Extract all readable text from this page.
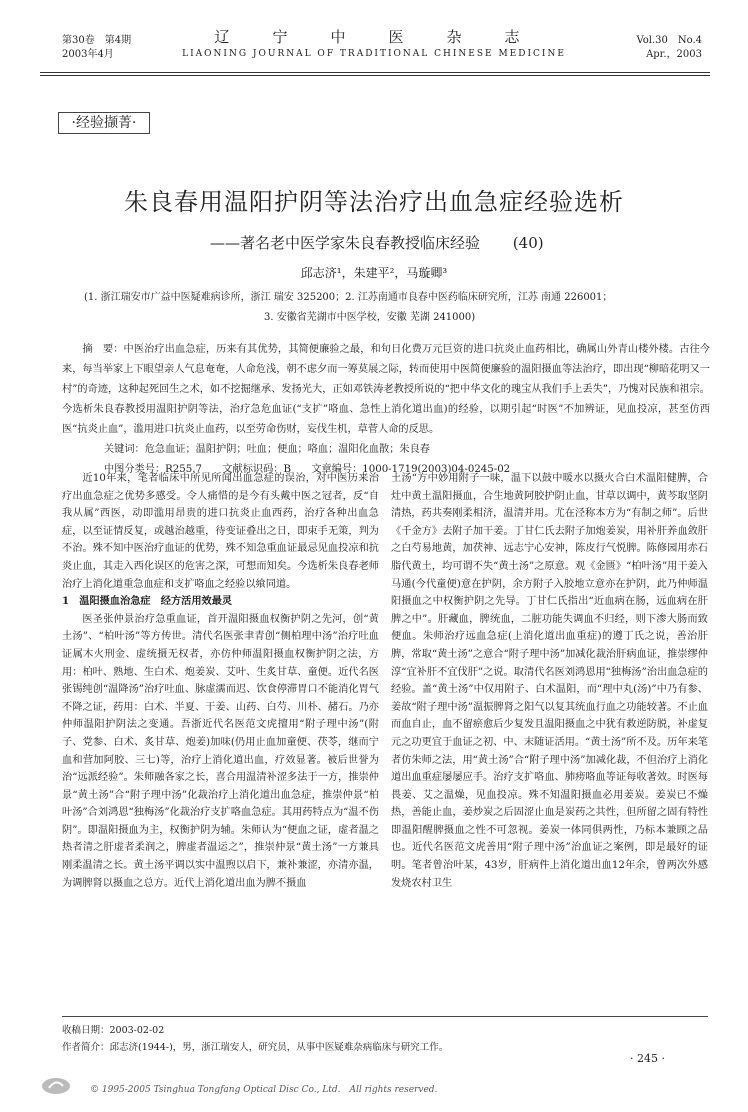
第30卷　第4期
2003年4月
辽　宁　中　医　杂　志
LIAONING JOURNAL OF TRADITIONAL CHINESE MEDICINE
Vol.30　No.4
Apr.，2003
·经验撷菁·
朱良春用温阳护阴等法治疗出血急症经验选析
——著名老中医学家朱良春教授临床经验 (40)
邱志济¹，朱建平²，马璇卿³
(1. 浙江瑞安市广益中医疑难病诊所，浙江 瑞安 325200；2. 江苏南通市良春中医药临床研究所，江苏 南通 226001；
3. 安徽省芜湖市中医学校，安徽 芜湖 241000)

摘　要：中医治疗出血急症，历来有其优势，其简便廉验之最，和旬日化费万元巨资的进口抗炎止血药相比，确属山外青山楼外楼。古往今来，每当举家上下眼望亲人气息奄奄，人命危浅，朝不虑夕而一筹莫展之际，转而使用中医简便廉验的温阳摄血等法治疗，即出现“柳暗花明又一村”的奇迹，这种起死回生之术，如不挖掘继承、发扬光大，正如邓铁涛老教授所说的“把中华文化的瑰宝从我们手上丢失”，乃愧对民族和祖宗。今选析朱良春教授用温阳护阴等法，治疗急危血证(“支扩”咯血、急性上消化道出血)的经验，以期引起“时医”不加辨证，见血投凉，甚至仿西医“抗炎止血”，滥用进口抗炎止血药，以至劳命伤财，妄伐生机，草菅人命的反思。

关键词：危急血证；温阳护阴；吐血；便血；咯血；温阳化血散；朱良春

中图分类号：R255.7　　文献标识码：B　　文章编号：1000-1719(2003)04-0245-02

近10年来，笔者临床中所见所闻出血急症的误治，对中医历来治疗出血急症之优势多感受。令人痛惜的是今有头戴中医之冠者，反“自我从属”西医，动即滥用昂贵的进口抗炎止血西药，治疗各种出血急症，以至证情反复，或越治越重，待变证叠出之日，即束手无策，判为不治。殊不知中医治疗血证的优势，殊不知急重血证最忌见血投凉和抗炎止血，其走入西化误区的危害之深，可想而知矣。今选析朱良春老师治疗上消化道重急血症和支扩咯血之经验以飨同道。

1　温阳摄血治急症　经方活用效最灵

医圣张仲景治疗急重血证，首开温阳摄血权衡护阴之先河，创“黄土汤”、“柏叶汤”等方传世。清代名医张聿青创“侧柏理中汤”治疗吐血证属木火刑金、虚统摄无权者，亦仿仲师温阳摄血权衡护阴之法，方用：柏叶、熟地、生白术、炮姜炭、艾叶、生炙甘草、童便。近代名医张锡纯创“温降汤”治疗吐血、脉虚濡而迟、饮食停滞胃口不能消化胃气不降之证，药用：白术、半夏、干姜、山药、白芍、川朴、赭石。乃亦仲师温阳护阴法之变通。吾浙近代名医范文虎擅用“附子理中汤”(附子、党参、白术、炙甘草、炮姜)加味(仍用止血加童便、茯苓，继而宁血和营加阿胶、三七)等，治疗上消化道出血，疗效显著。被后世誉为治“远派经验”。朱师融各家之长，喜合用温清补涩多法于一方，推崇仲景“黄土汤”合“附子理中汤”化裁治疗上消化道出血急症，推崇仲景“柏叶汤”合刘鸿恩“独梅汤”化裁治疗支扩咯血急症。其用药特点为“温不伤阴”。即温阳摄血为主，权衡护阴为辅。朱师认为“便血之证，虚者温之热者清之肝虚者柔润之，脾虚者温运之”，推崇仲景“黄土汤”一方兼具刚柔温清之长。黄土汤平调以实中温煦以启下，兼补兼涩，亦清亦温，为调脾肾以摄血之总方。近代上消化道出血为脾不摄血

土汤“方中妙用附子一味，温下以鼓中暖水以摄火合白术温阳健脾，合灶中黄土温阳摄血，合生地黄阿胶护阴止血，甘草以调中，黄芩取坚阴清热，药共奏刚柔相济，温清并用。尤在泾称本方为“有制之师”。后世《千金方》去附子加干姜。丁甘仁氏去附子加炮姜炭，用补肝养血敛肝之白芍易地黄，加茯神、远志宁心安神，陈皮行气悦脾。陈修园用赤石脂代黄土，均可谓不失“黄土汤”之原意。观《金匮》“柏叶汤”用干姜入马通(今代童便)意在护阴，余方附子入胶地立意亦在护阴，此乃仲师温阳摄血之中权衡护阴之先导。丁甘仁氏指出“近血病在肠，远血病在肝脾之中”。肝藏血，脾统血，二脏功能失调血不归经，则下渗大肠而致便血。朱师治疗远血急症(上消化道出血重症)的遵丁氏之说，善治肝脾，常取“黄土汤”之意合“附子理中汤”加减化裁治肝病血证，推崇缪仲淳“宜补肝不宜伐肝”之说。取清代名医刘鸿恩用“独梅汤”治出血急症的经验。盖“黄土汤”中仅用附子、白术温阳，而“理中丸(汤)”中乃有参、姜故“附子理中汤”温振脾肾之阳气以复其统血行血之功能较著。不止血而血自止，血不留瘀愈后少复发且温阳摄血之中犹有救逆防脱，补虚复元之功更宜于血证之初、中、末随证活用。“黄土汤”所不及。历年来笔者仿朱师之法，用“黄土汤”合“附子理中汤”加减化裁，不但治疗上消化道出血重症屡屡应手。治疗支扩咯血、肺痨咯血等证每收著效。时医每畏姜、艾之温燥，见血投凉。殊不知温阳摄血必用姜炭。姜炭已不燥热，善能止血，姜炒炭之后固涩止血是炭药之共性，但所留之固有特性即温阳醒脾摄血之性不可忽视。姜炭一体同俱两性，乃标本兼顾之品也。近代名医范文虎善用“附子理中汤”治血证之案例，即是最好的证明。笔者曾治叶某，43岁，肝病件上消化道出血12年余，曾两次外感发烧农村卫生

收稿日期：2003-02-02
作者简介：邱志济(1944-)，男，浙江瑞安人，研究员，从事中医疑难杂病临床与研究工作。
· 245 ·
© 1995-2005 Tsinghua Tongfang Optical Disc Co., Ltd.　All rights reserved.
